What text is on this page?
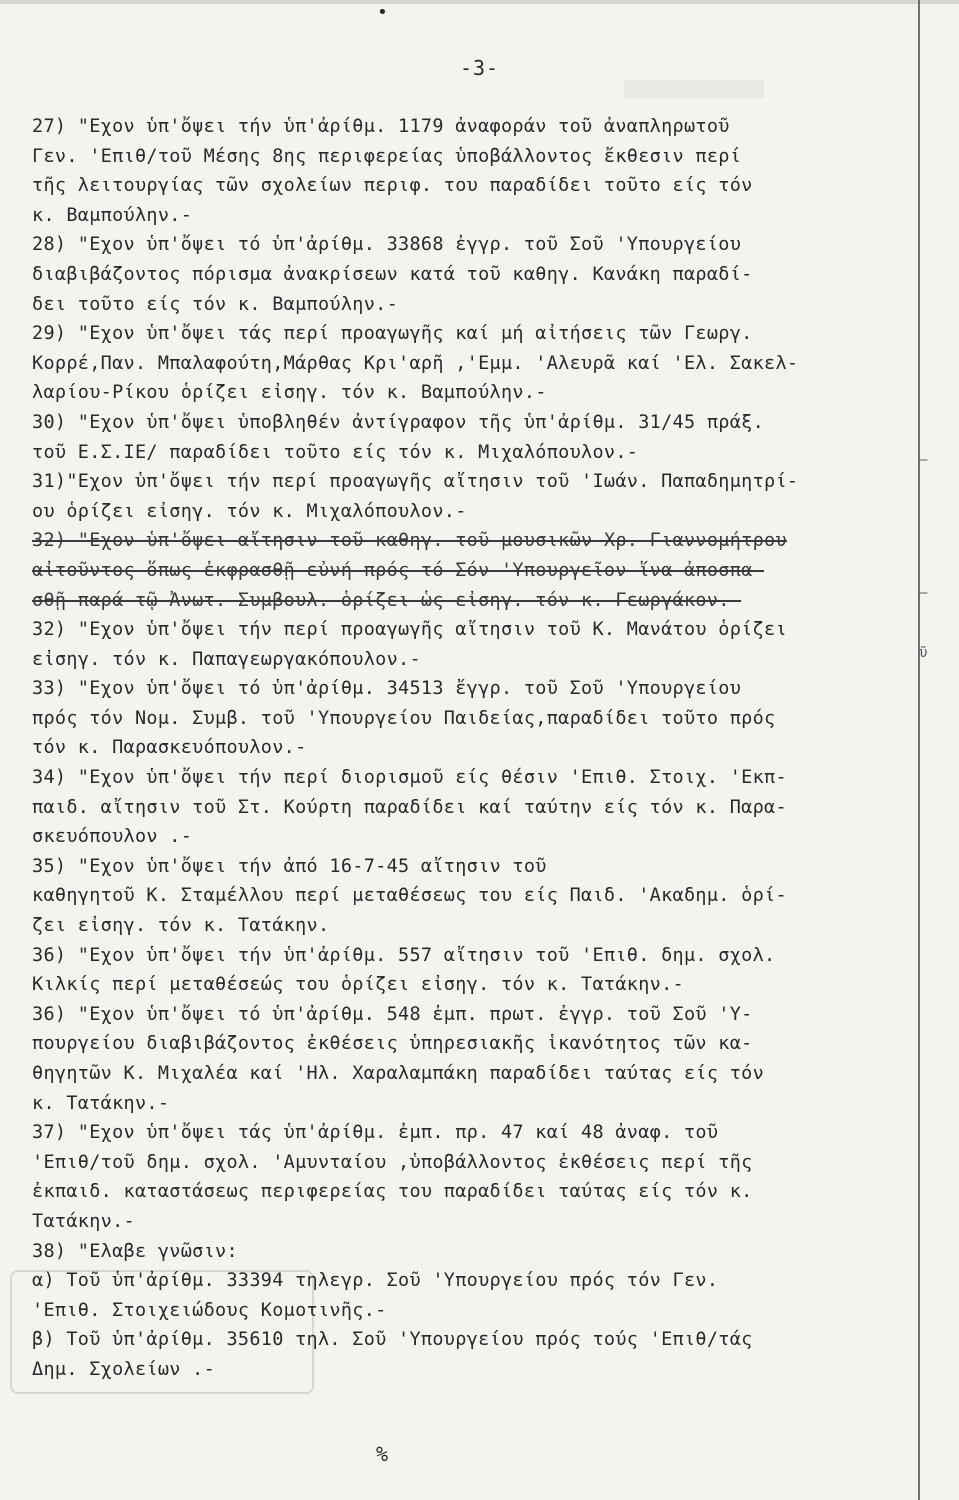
•
-3-
27) "Εχον ὑπ'ὄψει τήν ὑπ'ἀρίθμ. 1179 ἀναφοράν τοῦ ἀναπληρωτοῦ
Γεν. 'Επιθ/τοῦ Μέσης 8ης περιφερείας ὑποβάλλοντος ἔκθεσιν περί
τῆς λειτουργίας τῶν σχολείων περιφ. του παραδίδει τοῦτο είς τόν
κ. Βαμπούλην.-
28) "Εχον ὑπ'ὄψει τό ὑπ'ἀρίθμ. 33868 ἐγγρ. τοῦ Σοῦ 'Υπουργείου
διαβιβάζοντος πόρισμα ἀνακρίσεων κατά τοῦ καθηγ. Κανάκη παραδί-
δει τοῦτο είς τόν κ. Βαμπούλην.-
29) "Εχον ὑπ'ὄψει τάς περί προαγωγῆς καί μή αἰτήσεις τῶν Γεωργ.
Κορρέ,Παν. Μπαλαφούτη,Μάρθας Κρι'αρῆ ,'Εμμ. 'Αλευρᾶ καί 'Ελ. Σακελ-
λαρίου-Ρίκου ὁρίζει εἰσηγ. τόν κ. Βαμπούλην.-
30) "Εχον ὑπ'ὄψει ὑποβληθέν ἀντίγραφον τῆς ὑπ'ἀρίθμ. 31/45 πράξ.
τοῦ Ε.Σ.ΙΕ/ παραδίδει τοῦτο είς τόν κ. Μιχαλόπουλον.-
31)"Εχον ὑπ'ὄψει τήν περί προαγωγῆς αἴτησιν τοῦ 'Ιωάν. Παπαδημητρί-
ου ὁρίζει εἰσηγ. τόν κ. Μιχαλόπουλον.-
32) "Εχον ὑπ'ὄψει αἴτησιν τοῦ καθηγ. τοῦ μουσικῶν Χρ. Γιαννομήτρου
αἰτοῦντος ὅπως ἐκφρασθῇ εὐνή πρός τό Σόν 'Υπουργεῖον ἵνα ἀποσπα-
σθῇ παρά τῷ Ἀνωτ. Συμβουλ. ὁρίζει ὡς εἰσηγ. τόν κ. Γεωργάκον.-
32) "Εχον ὑπ'ὄψει τήν περί προαγωγῆς αἴτησιν τοῦ Κ. Μανάτου ὁρίζει
εἰσηγ. τόν κ. Παπαγεωργακόπουλον.-
33) "Εχον ὑπ'ὄψει τό ὑπ'ἀρίθμ. 34513 ἔγγρ. τοῦ Σοῦ 'Υπουργείου
πρός τόν Νομ. Συμβ. τοῦ 'Υπουργείου Παιδείας,παραδίδει τοῦτο πρός
τόν κ. Παρασκευόπουλον.-
34) "Εχον ὑπ'ὄψει τήν περί διορισμοῦ είς θέσιν 'Επιθ. Στοιχ. 'Εκπ-
παιδ. αἴτησιν τοῦ Στ. Κούρτη παραδίδει καί ταύτην είς τόν κ. Παρα-
σκευόπουλον .-
35) "Εχον ὑπ'ὄψει τήν ἀπό 16-7-45 αἴτησιν τοῦ
καθηγητοῦ Κ. Σταμέλλου περί μεταθέσεως του είς Παιδ. 'Ακαδημ. ὁρί-
ζει εἰσηγ. τόν κ. Τατάκην.
36) "Εχον ὑπ'ὄψει τήν ὑπ'ἀρίθμ. 557 αἴτησιν τοῦ 'Επιθ. δημ. σχολ.
Κιλκίς περί μεταθέσεώς του ὁρίζει εἰσηγ. τόν κ. Τατάκην.-
36) "Εχον ὑπ'ὄψει τό ὑπ'ἀρίθμ. 548 ἐμπ. πρωτ. ἐγγρ. τοῦ Σοῦ 'Υ-
πουργείου διαβιβάζοντος ἐκθέσεις ὑπηρεσιακῆς ἱκανότητος τῶν κα-
θηγητῶν Κ. Μιχαλέα καί 'Ηλ. Χαραλαμπάκη παραδίδει ταύτας είς τόν
κ. Τατάκην.-
37) "Εχον ὑπ'ὄψει τάς ὑπ'ἀρίθμ. ἐμπ. πρ. 47 καί 48 ἀναφ. τοῦ
'Επιθ/τοῦ δημ. σχολ. 'Αμυνταίου ,ὑποβάλλοντος ἐκθέσεις περί τῆς
ἐκπαιδ. καταστάσεως περιφερείας του παραδίδει ταύτας είς τόν κ.
Τατάκην.-
38) "Ελαβε γνῶσιν:
α) Τοῦ ὑπ'ἀρίθμ. 33394 τηλεγρ. Σοῦ 'Υπουργείου πρός τόν Γεν.
'Επιθ. Στοιχειώδους Κομοτινῆς.-
β) Τοῦ ὑπ'ἀρίθμ. 35610 τηλ. Σοῦ 'Υπουργείου πρός τούς 'Επιθ/τάς
Δημ. Σχολείων .-
—
—
ῦ
%
